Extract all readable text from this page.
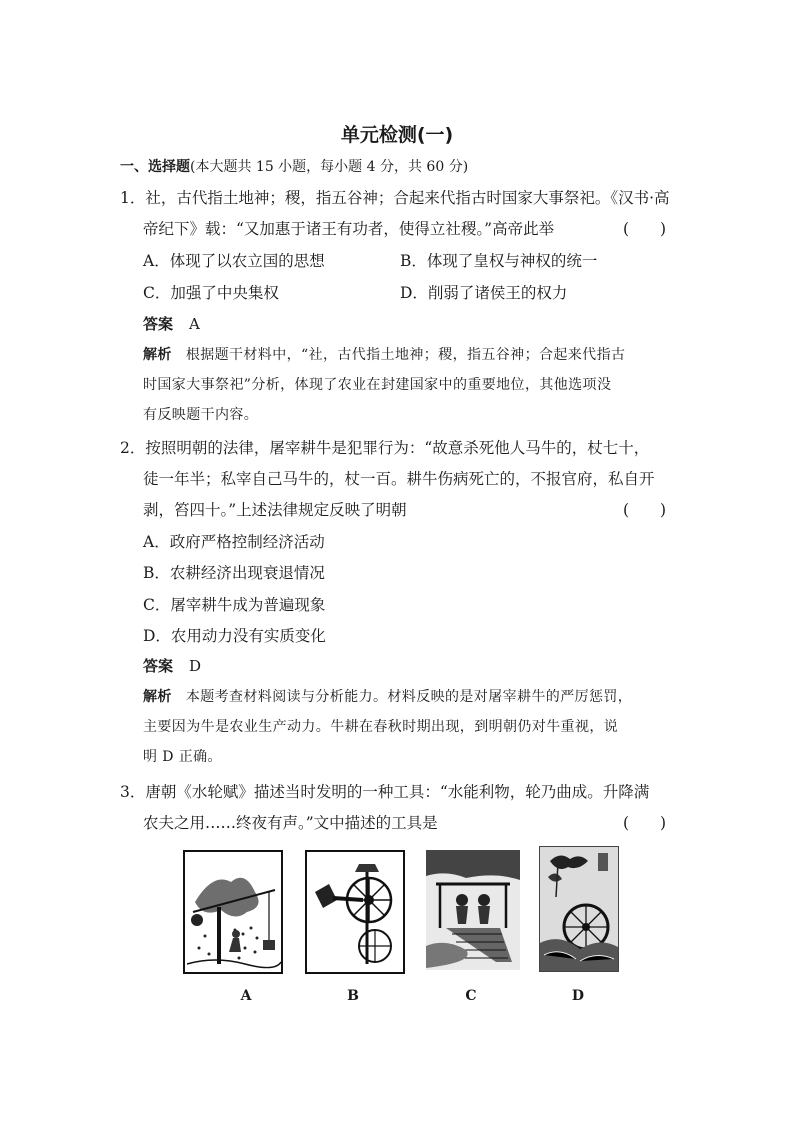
单元检测(一)
一、选择题(本大题共 15 小题，每小题 4 分，共 60 分)
1．社，古代指土地神；稷，指五谷神；合起来代指古时国家大事祭祀。《汉书·高
帝纪下》载：“又加惠于诸王有功者，使得立社稷。”高帝此举	(　　)
A．体现了以农立国的思想	B．体现了皇权与神权的统一
C．加强了中央集权	D．削弱了诸侯王的权力
答案 A
解析 根据题干材料中，“社，古代指土地神；稷，指五谷神；合起来代指古
时国家大事祭祀”分析，体现了农业在封建国家中的重要地位，其他选项没
有反映题干内容。
2．按照明朝的法律，屠宰耕牛是犯罪行为：“故意杀死他人马牛的，杖七十，
徒一年半；私宰自己马牛的，杖一百。耕牛伤病死亡的，不报官府，私自开
剥，笞四十。”上述法律规定反映了明朝	(　　)
A．政府严格控制经济活动
B．农耕经济出现衰退情况
C．屠宰耕牛成为普遍现象
D．农用动力没有实质变化
答案 D
解析 本题考查材料阅读与分析能力。材料反映的是对屠宰耕牛的严厉惩罚，
主要因为牛是农业生产动力。牛耕在春秋时期出现，到明朝仍对牛重视，说
明 D 正确。
3．唐朝《水轮赋》描述当时发明的一种工具：“水能利物，轮乃曲成。升降满
农夫之用……终夜有声。”文中描述的工具是	(　　)
A	B	C	D
